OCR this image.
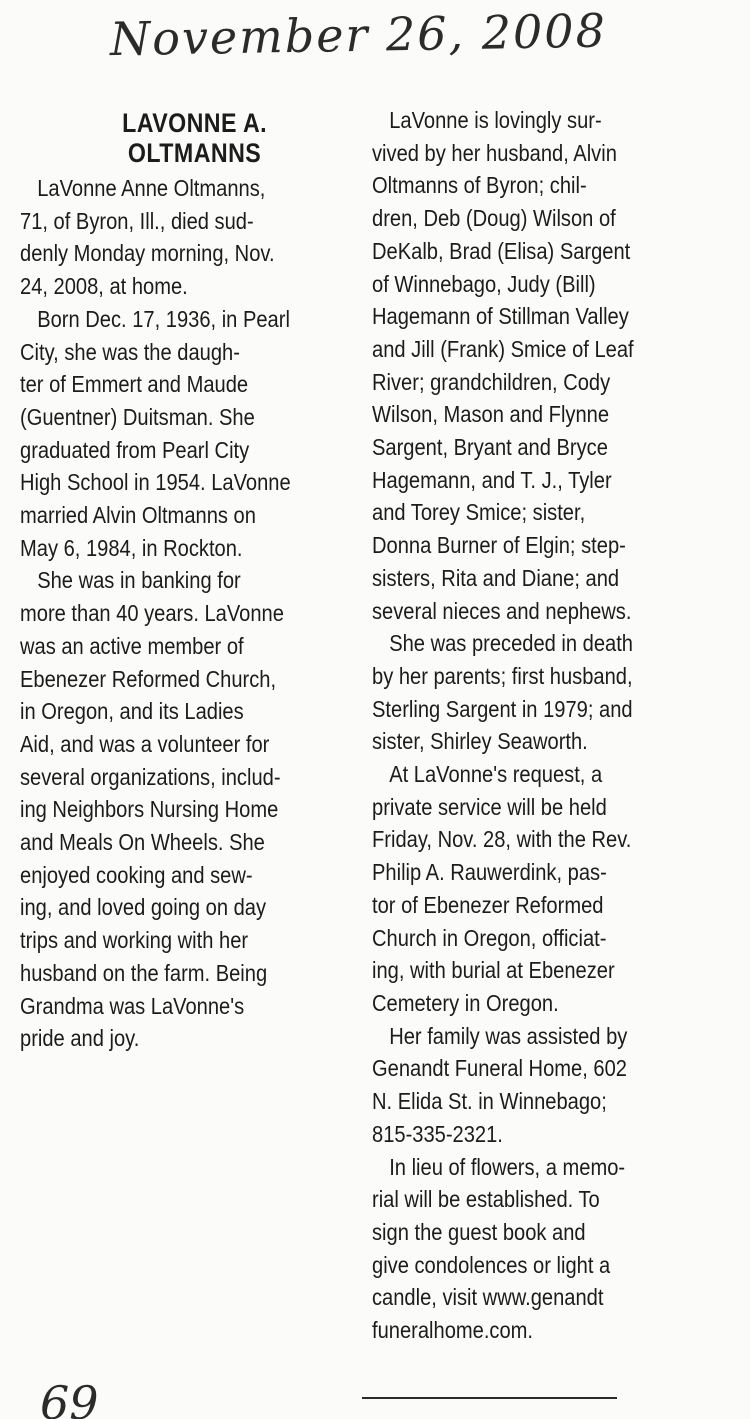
November 26, 2008
LAVONNE A.
OLTMANNS
LaVonne Anne Oltmanns,
71, of Byron, Ill., died sud-
denly Monday morning, Nov.
24, 2008, at home.
Born Dec. 17, 1936, in Pearl
City, she was the daugh-
ter of Emmert and Maude
(Guentner) Duitsman. She
graduated from Pearl City
High School in 1954. LaVonne
married Alvin Oltmanns on
May 6, 1984, in Rockton.
She was in banking for
more than 40 years. LaVonne
was an active member of
Ebenezer Reformed Church,
in Oregon, and its Ladies
Aid, and was a volunteer for
several organizations, includ-
ing Neighbors Nursing Home
and Meals On Wheels. She
enjoyed cooking and sew-
ing, and loved going on day
trips and working with her
husband on the farm. Being
Grandma was LaVonne's
pride and joy.
LaVonne is lovingly sur-
vived by her husband, Alvin
Oltmanns of Byron; chil-
dren, Deb (Doug) Wilson of
DeKalb, Brad (Elisa) Sargent
of Winnebago, Judy (Bill)
Hagemann of Stillman Valley
and Jill (Frank) Smice of Leaf
River; grandchildren, Cody
Wilson, Mason and Flynne
Sargent, Bryant and Bryce
Hagemann, and T. J., Tyler
and Torey Smice; sister,
Donna Burner of Elgin; step-
sisters, Rita and Diane; and
several nieces and nephews.
She was preceded in death
by her parents; first husband,
Sterling Sargent in 1979; and
sister, Shirley Seaworth.
At LaVonne's request, a
private service will be held
Friday, Nov. 28, with the Rev.
Philip A. Rauwerdink, pas-
tor of Ebenezer Reformed
Church in Oregon, officiat-
ing, with burial at Ebenezer
Cemetery in Oregon.
Her family was assisted by
Genandt Funeral Home, 602
N. Elida St. in Winnebago;
815-335-2321.
In lieu of flowers, a memo-
rial will be established. To
sign the guest book and
give condolences or light a
candle, visit www.genandt
funeralhome.com.
69
